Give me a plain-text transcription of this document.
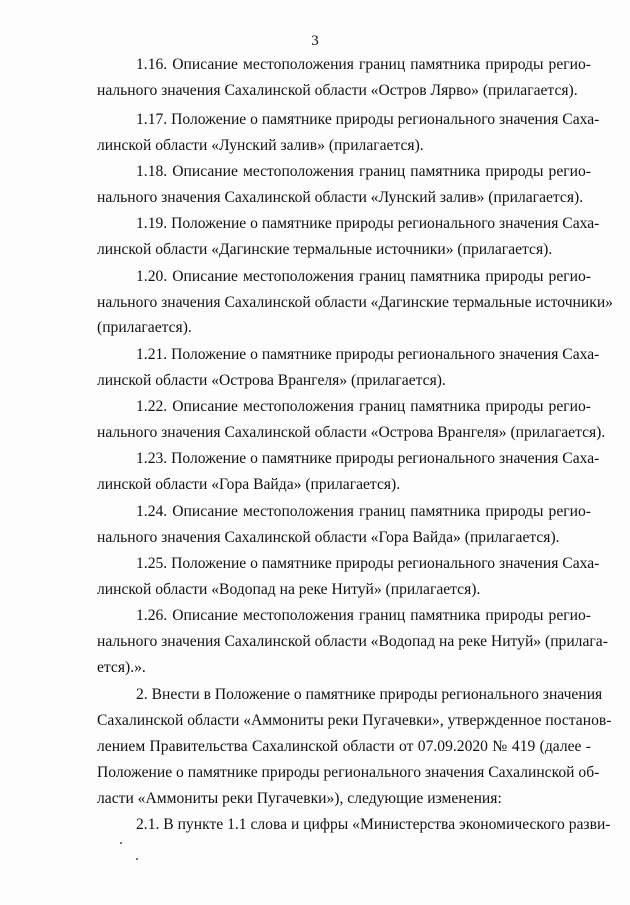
3
1.16. Описание местоположения границ памятника природы регио-
нального значения Сахалинской области «Остров Лярво» (прилагается).
1.17. Положение о памятнике природы регионального значения Саха-
линской области «Лунский залив» (прилагается).
1.18. Описание местоположения границ памятника природы регио-
нального значения Сахалинской области «Лунский залив» (прилагается).
1.19. Положение о памятнике природы регионального значения Саха-
линской области «Дагинские термальные источники» (прилагается).
1.20. Описание местоположения границ памятника природы регио-
нального значения Сахалинской области «Дагинские термальные источники»
(прилагается).
1.21. Положение о памятнике природы регионального значения Саха-
линской области «Острова Врангеля» (прилагается).
1.22. Описание местоположения границ памятника природы регио-
нального значения Сахалинской области «Острова Врангеля» (прилагается).
1.23. Положение о памятнике природы регионального значения Саха-
линской области «Гора Вайда» (прилагается).
1.24. Описание местоположения границ памятника природы регио-
нального значения Сахалинской области «Гора Вайда» (прилагается).
1.25. Положение о памятнике природы регионального значения Саха-
линской области «Водопад на реке Нитуй» (прилагается).
1.26. Описание местоположения границ памятника природы регио-
нального значения Сахалинской области «Водопад на реке Нитуй» (прилага-
ется).».
2. Внести в Положение о памятнике природы регионального значения
Сахалинской области «Аммониты реки Пугачевки», утвержденное постанов-
лением Правительства Сахалинской области от 07.09.2020 № 419 (далее -
Положение о памятнике природы регионального значения Сахалинской об-
ласти «Аммониты реки Пугачевки»), следующие изменения:
2.1. В пункте 1.1 слова и цифры «Министерства экономического разви-
